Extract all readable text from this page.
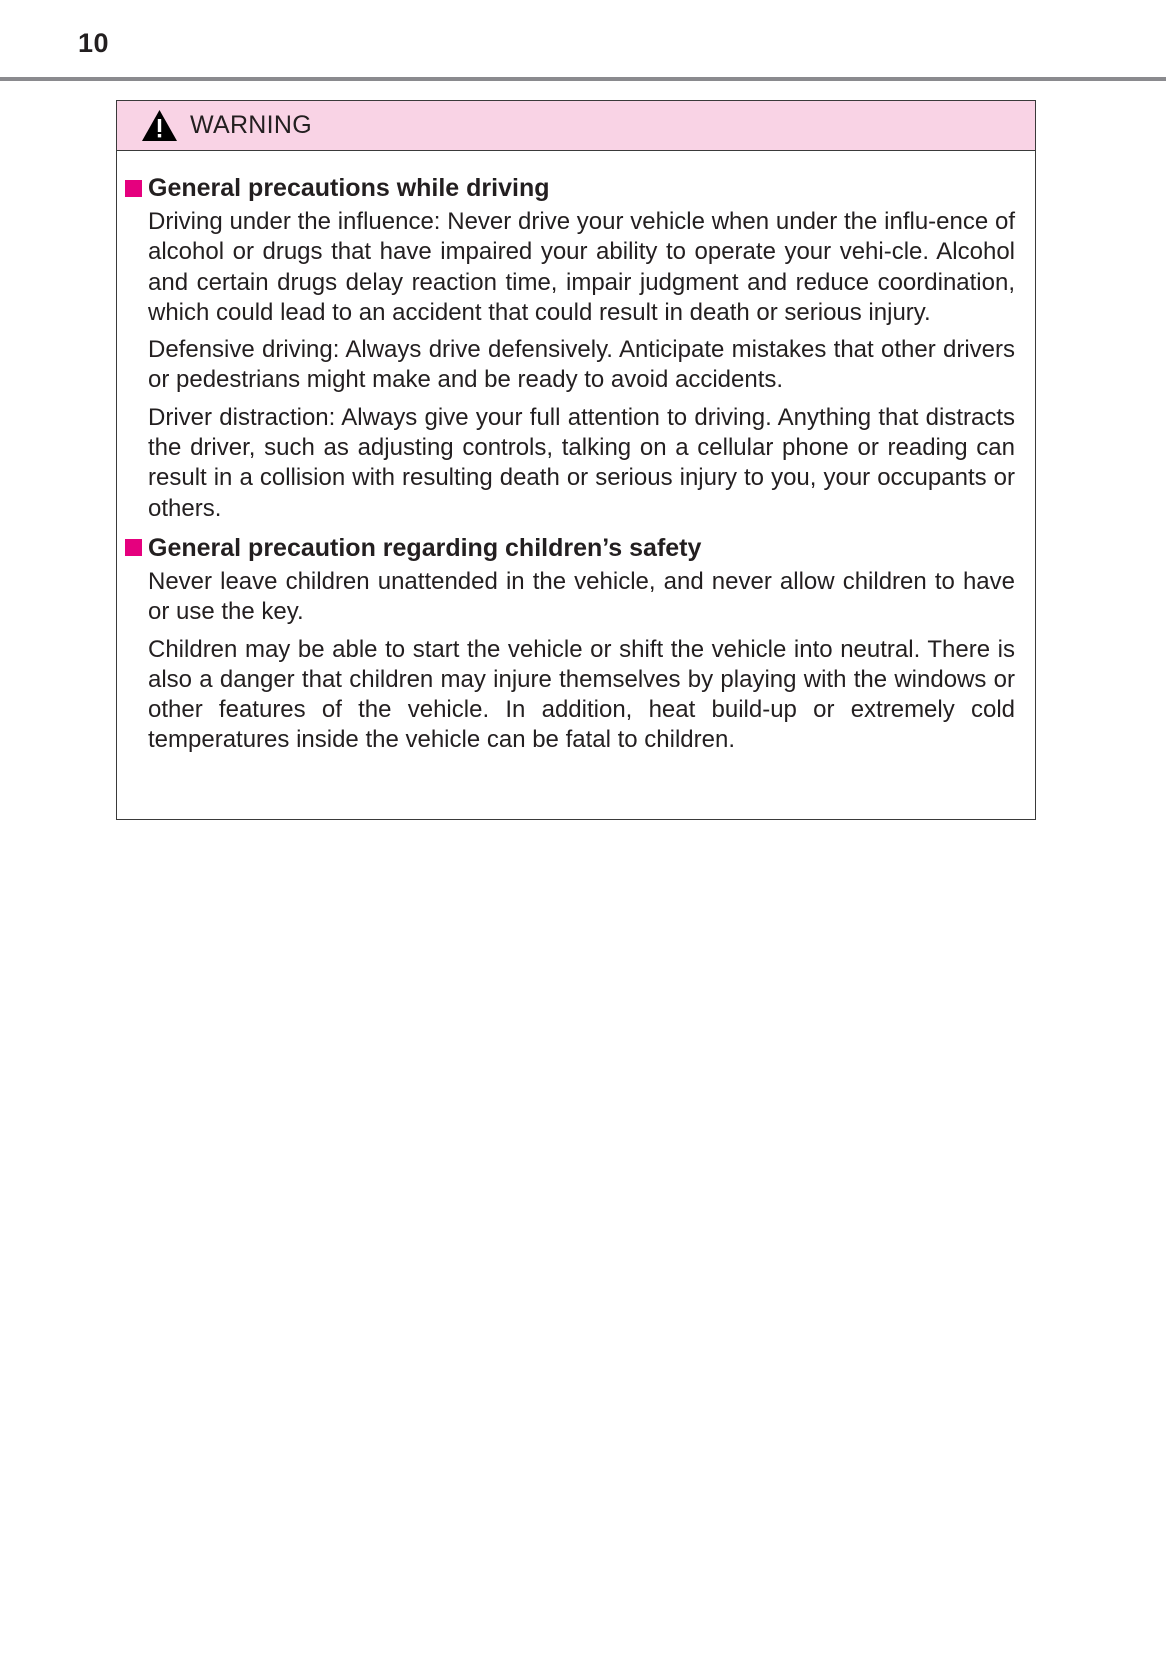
10
WARNING
General precautions while driving

Driving under the influence: Never drive your vehicle when under the influ-ence of alcohol or drugs that have impaired your ability to operate your vehi-cle. Alcohol and certain drugs delay reaction time, impair judgment and reduce coordination, which could lead to an accident that could result in death or serious injury.

Defensive driving: Always drive defensively. Anticipate mistakes that other drivers or pedestrians might make and be ready to avoid accidents.

Driver distraction: Always give your full attention to driving. Anything that distracts the driver, such as adjusting controls, talking on a cellular phone or reading can result in a collision with resulting death or serious injury to you, your occupants or others.

General precaution regarding children’s safety

Never leave children unattended in the vehicle, and never allow children to have or use the key.

Children may be able to start the vehicle or shift the vehicle into neutral. There is also a danger that children may injure themselves by playing with the windows or other features of the vehicle. In addition, heat build-up or extremely cold temperatures inside the vehicle can be fatal to children.
